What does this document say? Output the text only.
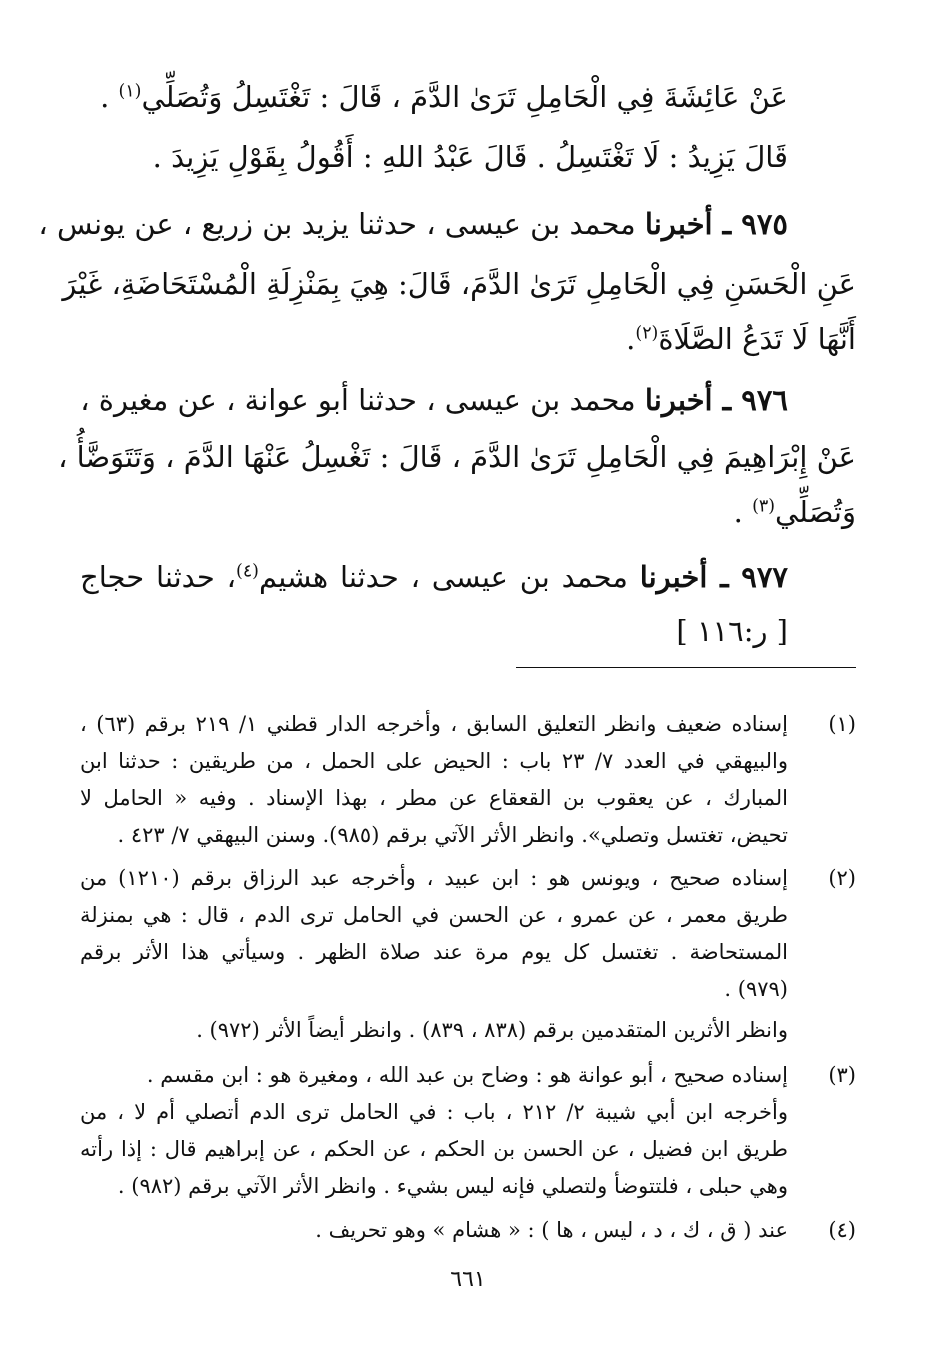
عَنْ عَائِشَةَ فِي الْحَامِلِ تَرَىٰ الدَّمَ ، قَالَ : تَغْتَسِلُ وَتُصَلِّي$^{(١)}$ .
قَالَ يَزِيدُ : لَا تَغْتَسِلُ . قَالَ عَبْدُ اللهِ : أَقُولُ بِقَوْلِ يَزِيدَ .
٩٧٥ ـ أخبرنا محمد بن عيسى ، حدثنا يزيد بن زريع ، عن يونس ،
عَنِ الْحَسَنِ فِي الْحَامِلِ تَرَىٰ الدَّمَ، قَالَ: هِيَ بِمَنْزِلَةِ الْمُسْتَحَاضَةِ، غَيْرَ
أَنَّهَا لَا تَدَعُ الصَّلَاةَ$^{(٢)}$.
٩٧٦ ـ أخبرنا محمد بن عيسى ، حدثنا أبو عوانة ، عن مغيرة ،
عَنْ إِبْرَاهِيمَ فِي الْحَامِلِ تَرَىٰ الدَّمَ ، قَالَ : تَغْسِلُ عَنْهَا الدَّمَ ، وَتَتَوَضَّأُ ،
وَتُصَلِّي$^{(٣)}$ .
٩٧٧ ـ أخبرنا محمد بن عيسى ، حدثنا هشيم$^{(٤)}$، حدثنا حجاج
[ ر:١١٦ ]
(١)
إسناده ضعيف وانظر التعليق السابق ، وأخرجه الدار قطني ١/ ٢١٩ برقم (٦٣) ،
والبيهقي في العدد ٧/ ٢٣ باب : الحيض على الحمل ، من طريقين : حدثنا ابن
المبارك ، عن يعقوب بن القعقاع عن مطر ، بهذا الإسناد . وفيه « الحامل لا
تحيض، تغتسل وتصلي». وانظر الأثر الآتي برقم (٩٨٥). وسنن البيهقي ٧/ ٤٢٣ .
(٢)
إسناده صحيح ، ويونس هو : ابن عبيد ، وأخرجه عبد الرزاق برقم (١٢١٠) من
طريق معمر ، عن عمرو ، عن الحسن في الحامل ترى الدم ، قال : هي بمنزلة
المستحاضة . تغتسل كل يوم مرة عند صلاة الظهر . وسيأتي هذا الأثر برقم
(٩٧٩) .
وانظر الأثرين المتقدمين برقم (٨٣٨ ، ٨٣٩) . وانظر أيضاً الأثر (٩٧٢) .
(٣)
إسناده صحيح ، أبو عوانة هو : وضاح بن عبد الله ، ومغيرة هو : ابن مقسم .
وأخرجه ابن أبي شيبة ٢/ ٢١٢ ، باب : في الحامل ترى الدم أتصلي أم لا ، من
طريق ابن فضيل ، عن الحسن بن الحكم ، عن الحكم ، عن إبراهيم قال : إذا رأته
وهي حبلى ، فلتتوضأ ولتصلي فإنه ليس بشيء . وانظر الأثر الآتي برقم (٩٨٢) .
(٤)
عند ( ق ، ك ، د ، ليس ، ها ) : « هشام » وهو تحريف .
٦٦١
